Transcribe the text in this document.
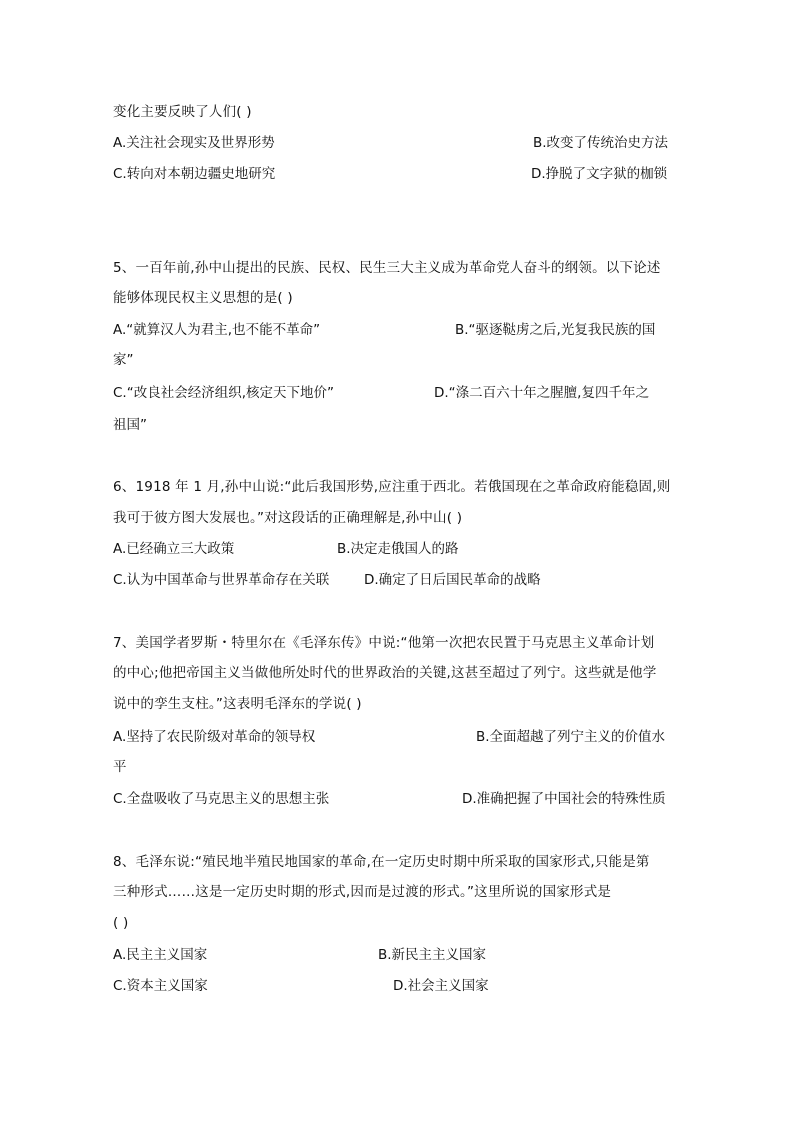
变化主要反映了人们( )

A.关注社会现实及世界形势	B.改变了传统治史方法

C.转向对本朝边疆史地研究	D.挣脱了文字狱的枷锁

5、一百年前,孙中山提出的民族、民权、民生三大主义成为革命党人奋斗的纲领。以下论述

能够体现民权主义思想的是( )

A.“就算汉人为君主,也不能不革命”	B.“驱逐鞑虏之后,光复我民族的国

家”

C.“改良社会经济组织,核定天下地价”	D.“涤二百六十年之腥膻,复四千年之

祖国”

6、1918 年 1 月,孙中山说:“此后我国形势,应注重于西北。若俄国现在之革命政府能稳固,则

我可于彼方图大发展也。”对这段话的正确理解是,孙中山( )

A.已经确立三大政策	B.决定走俄国人的路

C.认为中国革命与世界革命存在关联	D.确定了日后国民革命的战略

7、美国学者罗斯・特里尔在《毛泽东传》中说:“他第一次把农民置于马克思主义革命计划

的中心;他把帝国主义当做他所处时代的世界政治的关键,这甚至超过了列宁。这些就是他学

说中的孪生支柱。”这表明毛泽东的学说( )

A.坚持了农民阶级对革命的领导权	B.全面超越了列宁主义的价值水

平

C.全盘吸收了马克思主义的思想主张	D.准确把握了中国社会的特殊性质

8、毛泽东说:“殖民地半殖民地国家的革命,在一定历史时期中所采取的国家形式,只能是第

三种形式……这是一定历史时期的形式,因而是过渡的形式。”这里所说的国家形式是

( )

A.民主主义国家	B.新民主主义国家

C.资本主义国家	D.社会主义国家
